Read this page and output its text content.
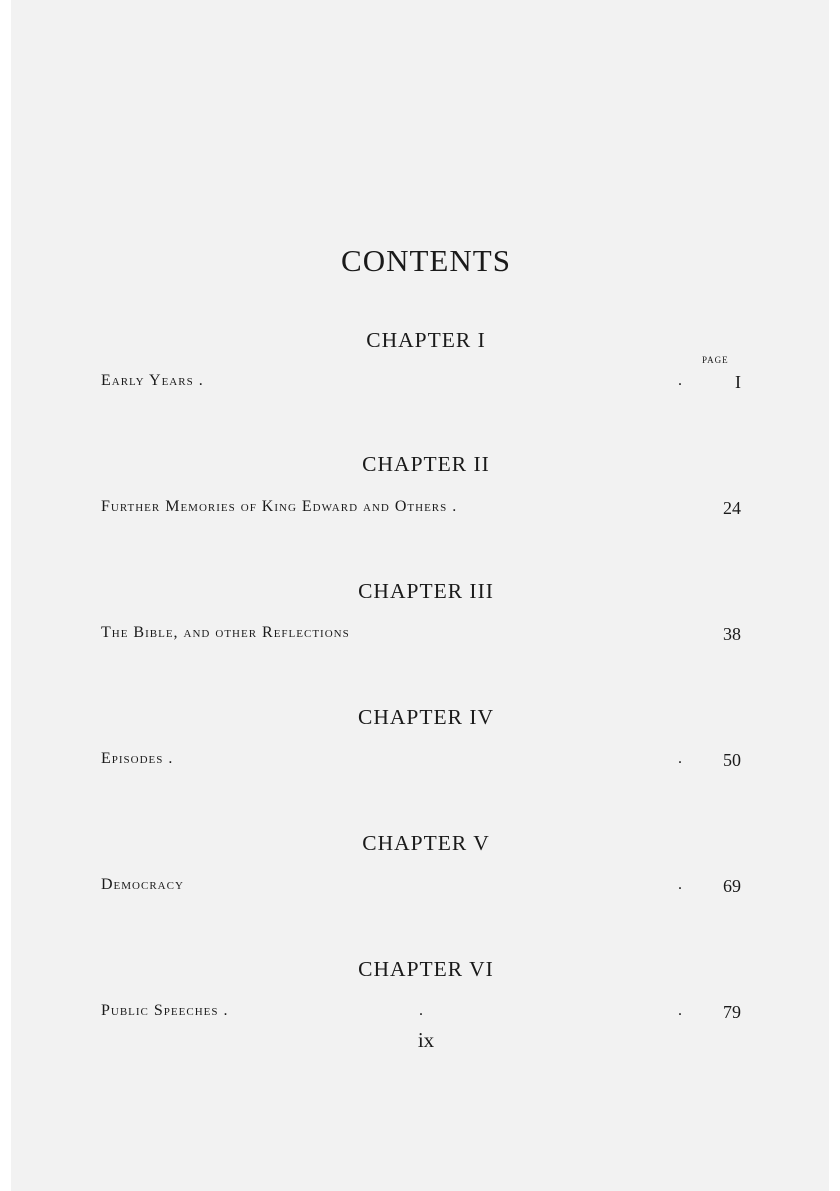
CONTENTS
PAGE
CHAPTER I
Early Years .	.	I
CHAPTER II
Further Memories of King Edward and Others .	24
CHAPTER III
The Bible, and other Reflections	38
CHAPTER IV
Episodes .	. 50
CHAPTER V
Democracy	. 69
CHAPTER VI
Public Speeches .	.	. 79
ix
